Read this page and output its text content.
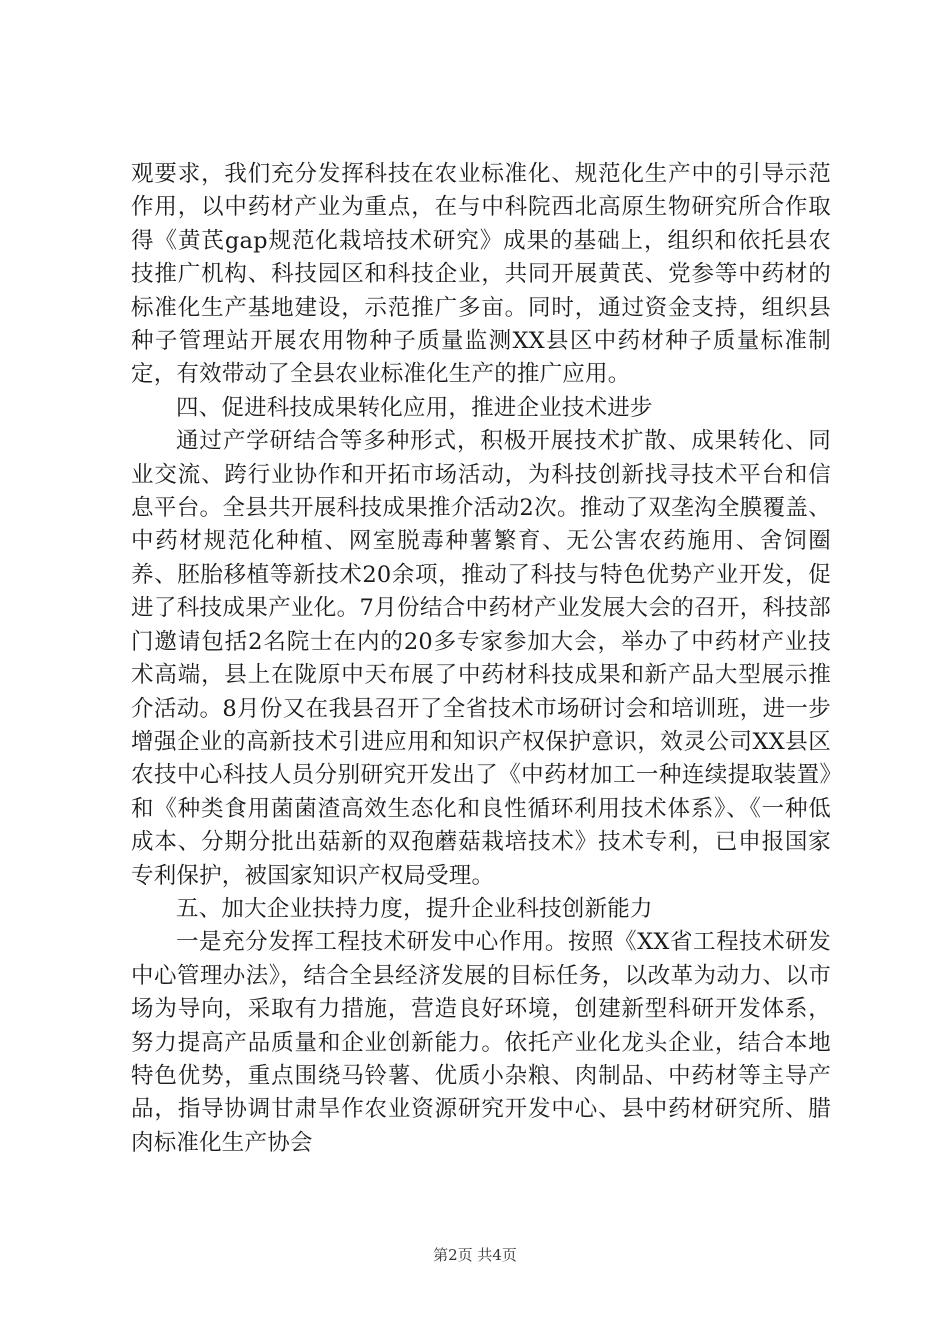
观要求，我们充分发挥科技在农业标准化、规范化生产中的引导示范作用，以中药材产业为重点，在与中科院西北高原生物研究所合作取得《黄芪gap规范化栽培技术研究》成果的基础上，组织和依托县农技推广机构、科技园区和科技企业，共同开展黄芪、党参等中药材的标准化生产基地建设，示范推广多亩。同时，通过资金支持，组织县种子管理站开展农用物种子质量监测XX县区中药材种子质量标准制定，有效带动了全县农业标准化生产的推广应用。

四、促进科技成果转化应用，推进企业技术进步

通过产学研结合等多种形式，积极开展技术扩散、成果转化、同业交流、跨行业协作和开拓市场活动，为科技创新找寻技术平台和信息平台。全县共开展科技成果推介活动2次。推动了双垄沟全膜覆盖、中药材规范化种植、网室脱毒种薯繁育、无公害农药施用、舍饲圈养、胚胎移植等新技术20余项，推动了科技与特色优势产业开发，促进了科技成果产业化。7月份结合中药材产业发展大会的召开，科技部门邀请包括2名院士在内的20多专家参加大会，举办了中药材产业技术高端，县上在陇原中天布展了中药材科技成果和新产品大型展示推介活动。8月份又在我县召开了全省技术市场研讨会和培训班，进一步增强企业的高新技术引进应用和知识产权保护意识，效灵公司XX县区农技中心科技人员分别研究开发出了《中药材加工一种连续提取装置》和《种类食用菌菌渣高效生态化和良性循环利用技术体系》、《一种低成本、分期分批出菇新的双孢蘑菇栽培技术》技术专利，已申报国家专利保护，被国家知识产权局受理。

五、加大企业扶持力度，提升企业科技创新能力

一是充分发挥工程技术研发中心作用。按照《XX省工程技术研发中心管理办法》，结合全县经济发展的目标任务，以改革为动力、以市场为导向，采取有力措施，营造良好环境，创建新型科研开发体系，努力提高产品质量和企业创新能力。依托产业化龙头企业，结合本地特色优势，重点围绕马铃薯、优质小杂粮、肉制品、中药材等主导产品，指导协调甘肃旱作农业资源研究开发中心、县中药材研究所、腊肉标准化生产协会

第2页 共4页
